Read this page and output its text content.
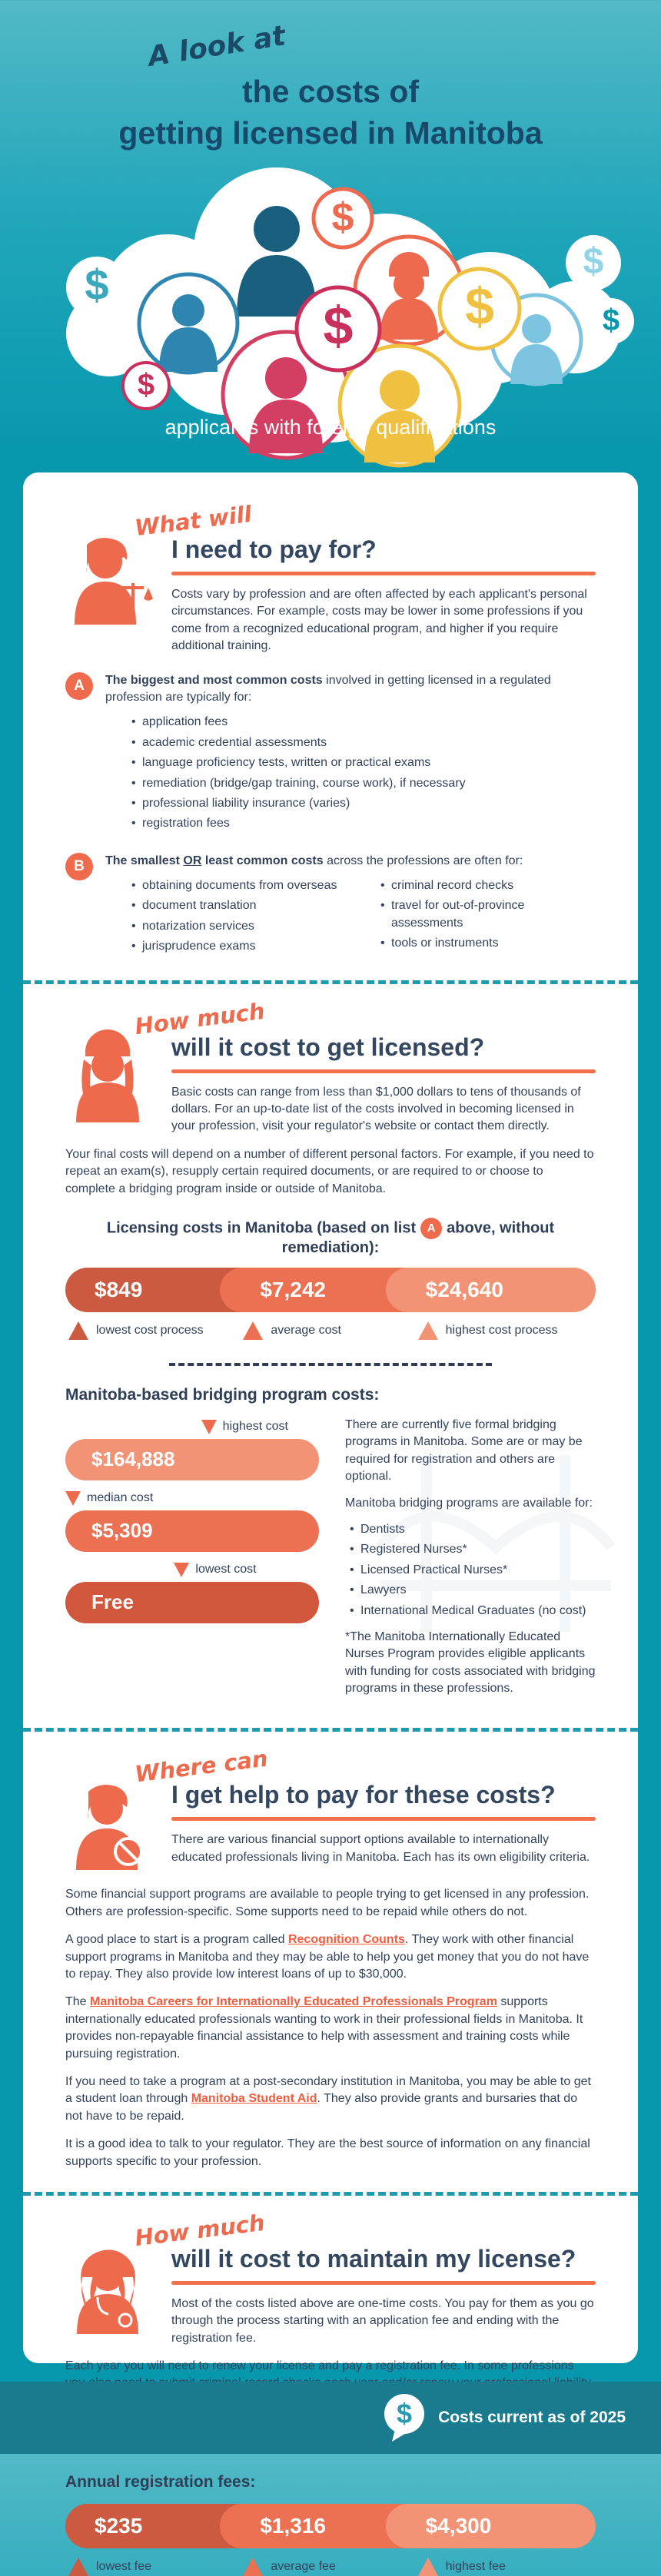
A look at
the costs of
getting licensed in Manitoba
$
$
$ $
$
$
$
applicants with foreign qualifications
What will
I need to pay for?

Costs vary by profession and are often affected by each applicant's personal circumstances. For example, costs may be lower in some professions if you come from a recognized educational program, and higher if you require additional training.

A	The biggest and most common costs involved in getting licensed in a regulated profession are typically for:
• application fees
• academic credential assessments
• language proficiency tests, written or practical exams
• remediation (bridge/gap training, course work), if necessary
• professional liability insurance (varies)
• registration fees
B	The smallest OR least common costs across the professions are often for:
• obtaining documents from overseas
• document translation
• notarization services
• jurisprudence exams
• criminal record checks
• travel for out-of-province assessments
• tools or instruments
How much
will it cost to get licensed?

Basic costs can range from less than $1,000 dollars to tens of thousands of dollars. For an up-to-date list of the costs involved in becoming licensed in your profession, visit your regulator's website or contact them directly.

Your final costs will depend on a number of different personal factors. For example, if you need to repeat an exam(s), resupply certain required documents, or are required to or choose to complete a bridging program inside or outside of Manitoba.

Licensing costs in Manitoba (based on list A above, without remediation):
$849	$7,242	$24,640
lowest cost process	average cost	highest cost process
Manitoba-based bridging program costs:
highest cost
$164,888
median cost
$5,309
lowest cost
Free

There are currently five formal bridging programs in Manitoba. Some are or may be required for registration and others are optional.

Manitoba bridging programs are available for:

• Dentists
• Registered Nurses*
• Licensed Practical Nurses*
• Lawyers
• International Medical Graduates (no cost)

*The Manitoba Internationally Educated Nurses Program provides eligible applicants with funding for costs associated with bridging programs in these professions.

Where can
I get help to pay for these costs?

There are various financial support options available to internationally educated professionals living in Manitoba. Each has its own eligibility criteria.

Some financial support programs are available to people trying to get licensed in any profession. Others are profession-specific. Some supports need to be repaid while others do not.

A good place to start is a program called Recognition Counts. They work with other financial support programs in Manitoba and they may be able to help you get money that you do not have to repay. They also provide low interest loans of up to $30,000.

The Manitoba Careers for Internationally Educated Professionals Program supports internationally educated professionals wanting to work in their professional fields in Manitoba. It provides non-repayable financial assistance to help with assessment and training costs while pursuing registration.

If you need to take a program at a post-secondary institution in Manitoba, you may be able to get a student loan through Manitoba Student Aid. They also provide grants and bursaries that do not have to be repaid.

It is a good idea to talk to your regulator. They are the best source of information on any financial supports specific to your profession.

How much
will it cost to maintain my license?

Most of the costs listed above are one-time costs. You pay for them as you go through the process starting with an application fee and ending with the registration fee.

Each year you will need to renew your license and pay a registration fee. In some professions

Annual registration fees:
$235	$1,316	$4,300
lowest fee	average fee	highest fee
$ Costs current as of 2025
